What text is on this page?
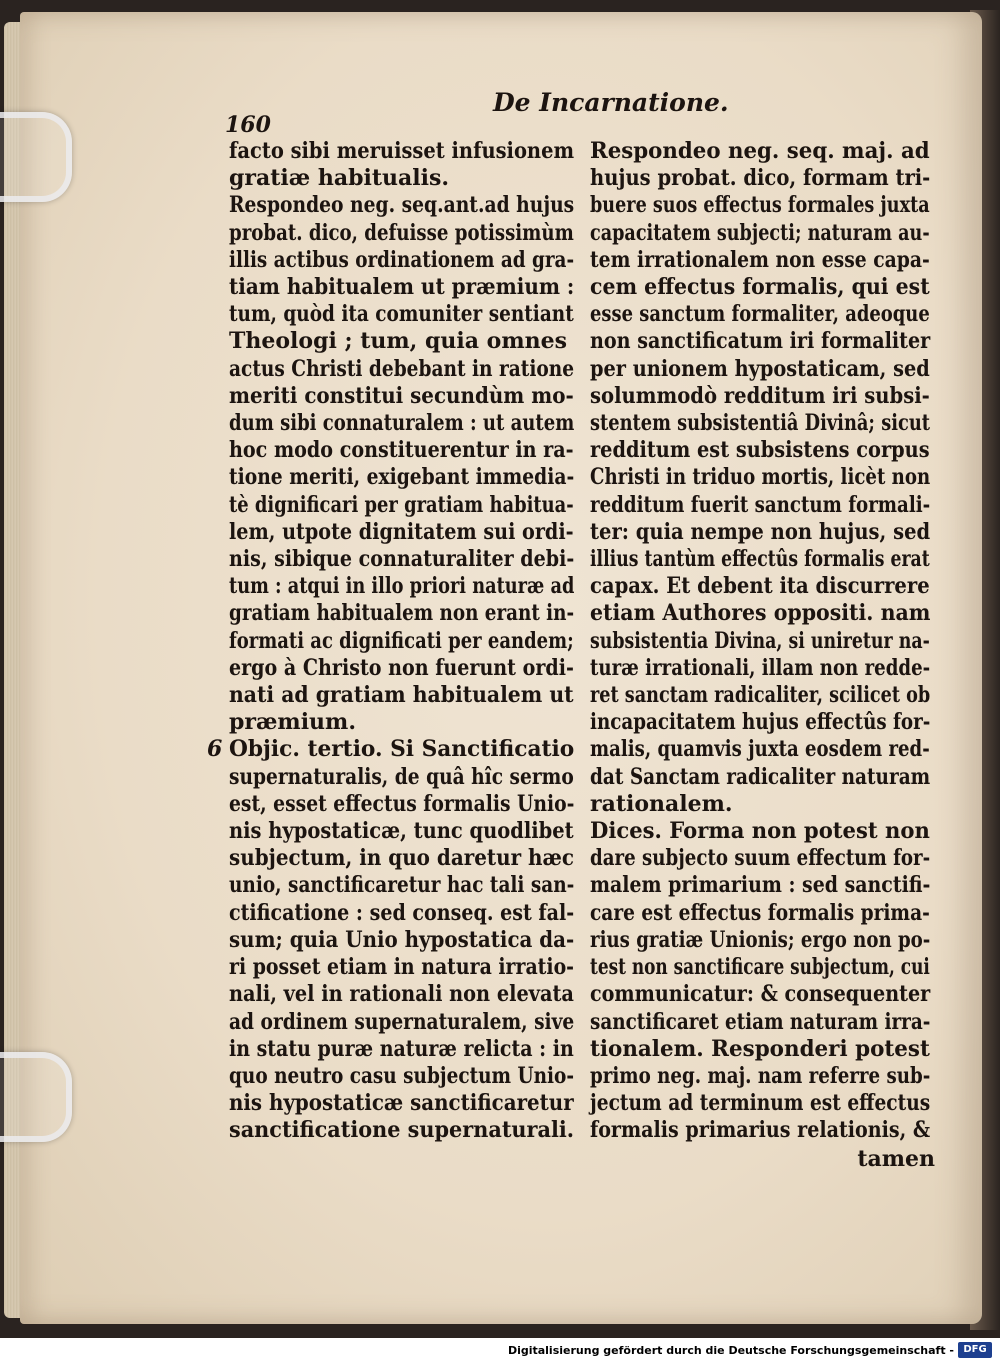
160
De Incarnatione.
6
facto sibi meruisset infusionem
gratiæ habitualis.
Respondeo neg. seq.ant.ad hujus
probat. dico, defuisse potissimùm
illis actibus ordinationem ad gra-
tiam habitualem ut præmium :
tum, quòd ita comuniter sentiant
Theologi ; tum, quia omnes
actus Christi debebant in ratione
meriti constitui secundùm mo-
dum sibi connaturalem : ut autem
hoc modo constituerentur in ra-
tione meriti, exigebant immedia-
tè dignificari per gratiam habitua-
lem, utpote dignitatem sui ordi-
nis, sibique connaturaliter debi-
tum : atqui in illo priori naturæ ad
gratiam habitualem non erant in-
formati ac dignificati per eandem;
ergo à Christo non fuerunt ordi-
nati ad gratiam habitualem ut
præmium.
Objic. tertio. Si Sanctificatio
supernaturalis, de quâ hîc sermo
est, esset effectus formalis Unio-
nis hypostaticæ, tunc quodlibet
subjectum, in quo daretur hæc
unio, sanctificaretur hac tali san-
ctificatione : sed conseq. est fal-
sum; quia Unio hypostatica da-
ri posset etiam in natura irratio-
nali, vel in rationali non elevata
ad ordinem supernaturalem, sive
in statu puræ naturæ relicta : in
quo neutro casu subjectum Unio-
nis hypostaticæ sanctificaretur
sanctificatione supernaturali.
Respondeo neg. seq. maj. ad
hujus probat. dico, formam tri-
buere suos effectus formales juxta
capacitatem subjecti; naturam au-
tem irrationalem non esse capa-
cem effectus formalis, qui est
esse sanctum formaliter, adeoque
non sanctificatum iri formaliter
per unionem hypostaticam, sed
solummodò redditum iri subsi-
stentem subsistentiâ Divinâ; sicut
redditum est subsistens corpus
Christi in triduo mortis, licèt non
redditum fuerit sanctum formali-
ter: quia nempe non hujus, sed
illius tantùm effectûs formalis erat
capax. Et debent ita discurrere
etiam Authores oppositi. nam
subsistentia Divina, si uniretur na-
turæ irrationali, illam non redde-
ret sanctam radicaliter, scilicet ob
incapacitatem hujus effectûs for-
malis, quamvis juxta eosdem red-
dat Sanctam radicaliter naturam
rationalem.
Dices. Forma non potest non
dare subjecto suum effectum for-
malem primarium : sed sanctifi-
care est effectus formalis prima-
rius gratiæ Unionis; ergo non po-
test non sanctificare subjectum, cui
communicatur: & consequenter
sanctificaret etiam naturam irra-
tionalem. Responderi potest
primo neg. maj. nam referre sub-
jectum ad terminum est effectus
formalis primarius relationis, &
tamen
Digitalisierung gefördert durch die Deutsche Forschungsgemeinschaft - DFG
